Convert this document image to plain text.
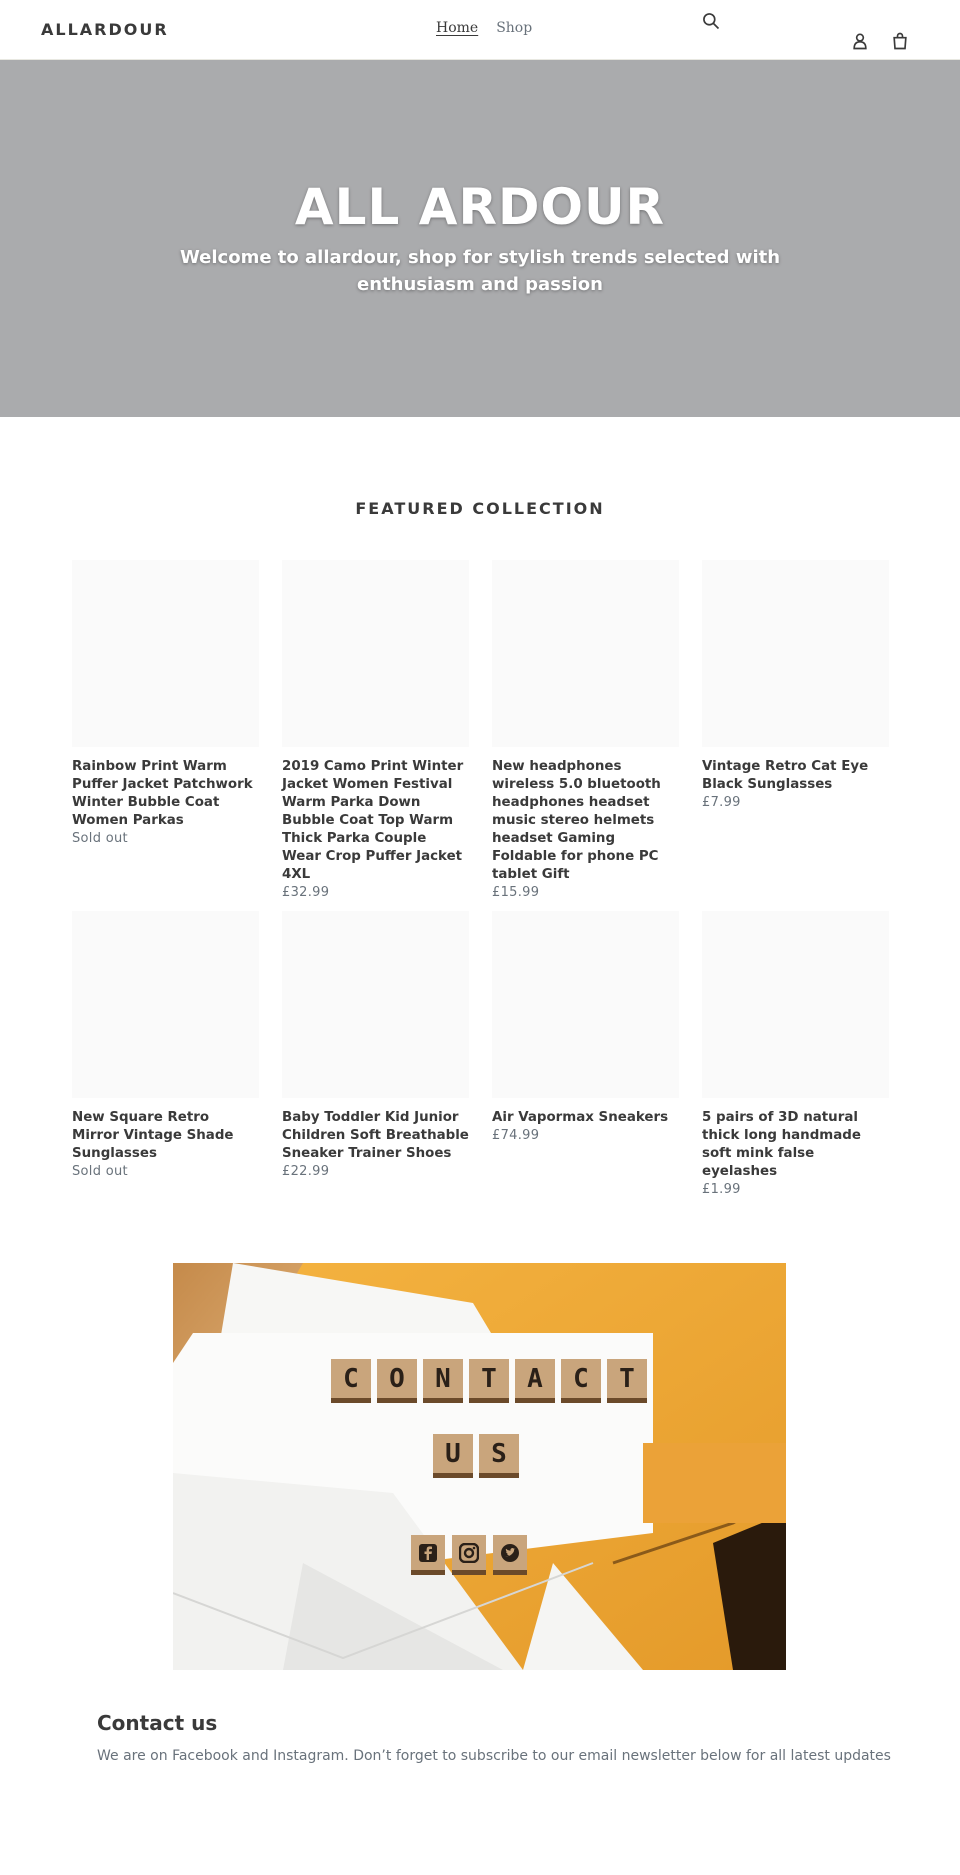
ALLARDOUR	Home Shop
ALL ARDOUR

Welcome to allardour, shop for stylish trends selected with enthusiasm and passion

FEATURED COLLECTION
Rainbow Print Warm Puffer Jacket Patchwork Winter Bubble Coat Women Parkas
Sold out
2019 Camo Print Winter Jacket Women Festival Warm Parka Down Bubble Coat Top Warm Thick Parka Couple Wear Crop Puffer Jacket 4XL
£32.99
New headphones wireless 5.0 bluetooth headphones headset music stereo helmets headset Gaming Foldable for phone PC tablet Gift
£15.99
Vintage Retro Cat Eye Black Sunglasses
£7.99
New Square Retro Mirror Vintage Shade Sunglasses
Sold out
Baby Toddler Kid Junior Children Soft Breathable Sneaker Trainer Shoes
£22.99
Air Vapormax Sneakers
£74.99
5 pairs of 3D natural thick long handmade soft mink false eyelashes
£1.99
C	O	N	T	A	C	T
U	S
Contact us

We are on Facebook and Instagram. Don’t forget to subscribe to our email newsletter below for all latest updates
